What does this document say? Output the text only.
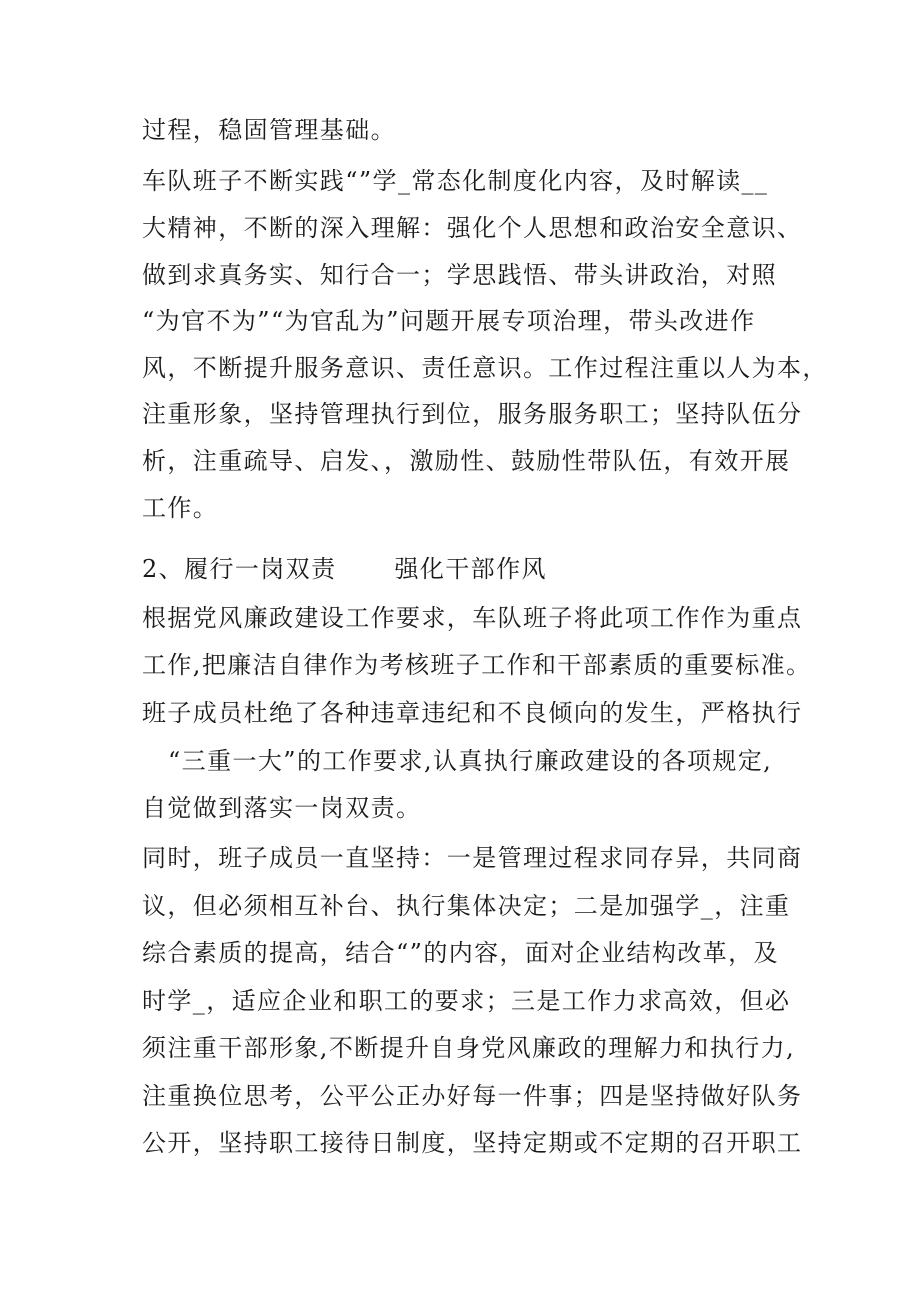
过程，稳固管理基础。

车队班子不断实践“”学_常态化制度化内容，及时解读__

大精神，不断的深入理解：强化个人思想和政治安全意识、

做到求真务实、知行合一；学思践悟、带头讲政治，对照

“为官不为”“为官乱为”问题开展专项治理，带头改进作

风，不断提升服务意识、责任意识。工作过程注重以人为本，

注重形象，坚持管理执行到位，服务服务职工；坚持队伍分

析，注重疏导、启发、，激励性、鼓励性带队伍，有效开展

工作。

2、履行一岗双责 强化干部作风

根据党风廉政建设工作要求，车队班子将此项工作作为重点

工作,把廉洁自律作为考核班子工作和干部素质的重要标准。

班子成员杜绝了各种违章违纪和不良倾向的发生，严格执行

“三重一大”的工作要求,认真执行廉政建设的各项规定,

自觉做到落实一岗双责。

同时，班子成员一直坚持：一是管理过程求同存异，共同商

议，但必须相互补台、执行集体决定；二是加强学_，注重

综合素质的提高，结合“”的内容，面对企业结构改革，及

时学_，适应企业和职工的要求；三是工作力求高效，但必

须注重干部形象,不断提升自身党风廉政的理解力和执行力,

注重换位思考，公平公正办好每一件事；四是坚持做好队务

公开，坚持职工接待日制度，坚持定期或不定期的召开职工
